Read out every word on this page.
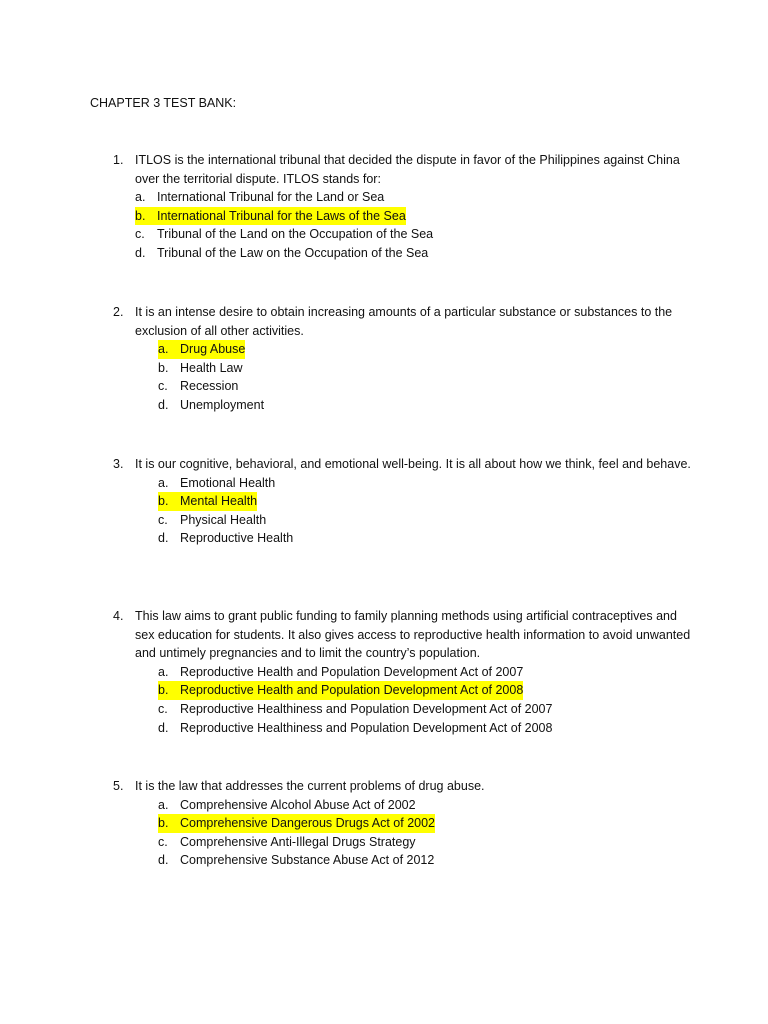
CHAPTER 3 TEST BANK:
1. ITLOS is the international tribunal that decided the dispute in favor of the Philippines against China over the territorial dispute. ITLOS stands for:
a. International Tribunal for the Land or Sea
b. International Tribunal for the Laws of the Sea
c. Tribunal of the Land on the Occupation of the Sea
d. Tribunal of the Law on the Occupation of the Sea
2. It is an intense desire to obtain increasing amounts of a particular substance or substances to the exclusion of all other activities.
a. Drug Abuse
b. Health Law
c. Recession
d. Unemployment
3. It is our cognitive, behavioral, and emotional well-being. It is all about how we think, feel and behave.
a. Emotional Health
b. Mental Health
c. Physical Health
d. Reproductive Health
4. This law aims to grant public funding to family planning methods using artificial contraceptives and sex education for students. It also gives access to reproductive health information to avoid unwanted and untimely pregnancies and to limit the country’s population.
a. Reproductive Health and Population Development Act of 2007
b. Reproductive Health and Population Development Act of 2008
c. Reproductive Healthiness and Population Development Act of 2007
d. Reproductive Healthiness and Population Development Act of 2008
5. It is the law that addresses the current problems of drug abuse.
a. Comprehensive Alcohol Abuse Act of 2002
b. Comprehensive Dangerous Drugs Act of 2002
c. Comprehensive Anti-Illegal Drugs Strategy
d. Comprehensive Substance Abuse Act of 2012
